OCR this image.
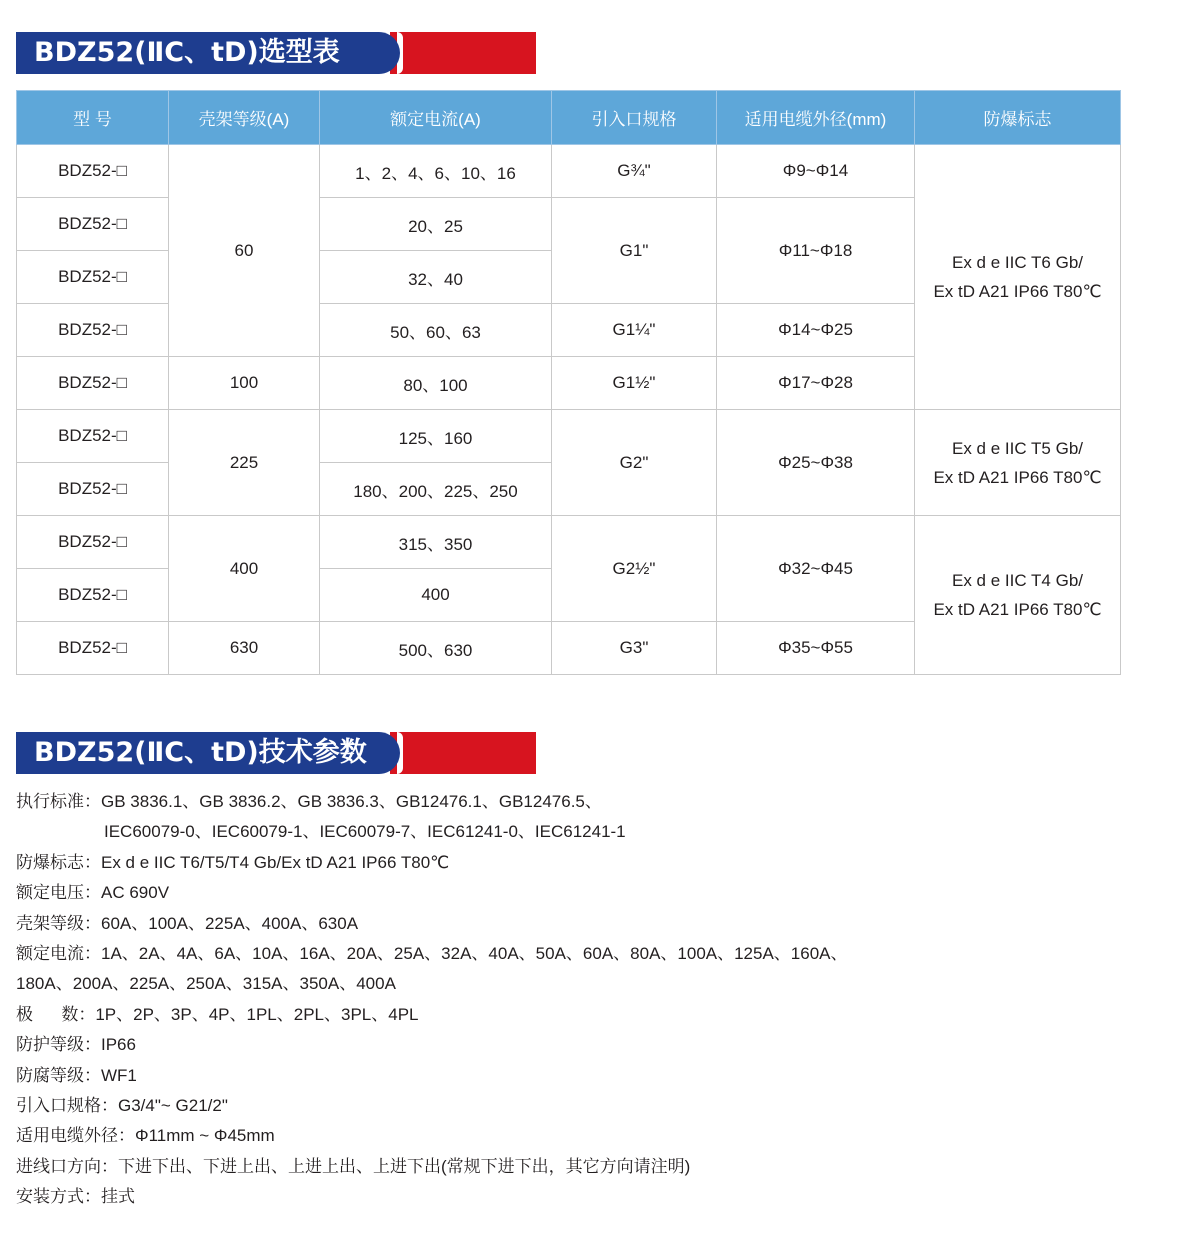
BDZ52(ⅡC、tD)选型表
型 号	壳架等级(A)	额定电流(A)	引入口规格	适用电缆外径(mm)	防爆标志
BDZ52-□	60	1、2、4、6、10、16	G¾"	Φ9~Φ14	Ex d e IIC T6 Gb/
Ex tD A21 IP66 T80℃

BDZ52-□		20、25	G1"	Φ11~Φ18	
BDZ52-□		32、40			
BDZ52-□		50、60、63	G1¼"	Φ14~Φ25	
BDZ52-□	100	80、100	G1½"	Φ17~Φ28	
BDZ52-□	225	125、160	G2"	Φ25~Φ38	Ex d e IIC T5 Gb/
Ex tD A21 IP66 T80℃

BDZ52-□		180、200、225、250			
BDZ52-□	400	315、350	G2½"	Φ32~Φ45	Ex d e IIC T4 Gb/
Ex tD A21 IP66 T80℃

BDZ52-□		400			
BDZ52-□	630	500、630	G3"	Φ35~Φ55	
BDZ52(ⅡC、tD)技术参数
执行标准：GB 3836.1、GB 3836.2、GB 3836.3、GB12476.1、GB12476.5、
IEC60079-0、IEC60079-1、IEC60079-7、IEC61241-0、IEC61241-1
防爆标志：Ex d e IIC T6/T5/T4 Gb/Ex tD A21 IP66 T80℃
额定电压：AC 690V
壳架等级：60A、100A、225A、400A、630A
额定电流：1A、2A、4A、6A、10A、16A、20A、25A、32A、40A、50A、60A、80A、100A、125A、160A、
180A、200A、225A、250A、315A、350A、400A
极      数：1P、2P、3P、4P、1PL、2PL、3PL、4PL
防护等级：IP66
防腐等级：WF1
引入口规格：G3/4"~ G21/2"
适用电缆外径：Φ11mm ~ Φ45mm
进线口方向：下进下出、下进上出、上进上出、上进下出(常规下进下出，其它方向请注明)
安装方式：挂式
